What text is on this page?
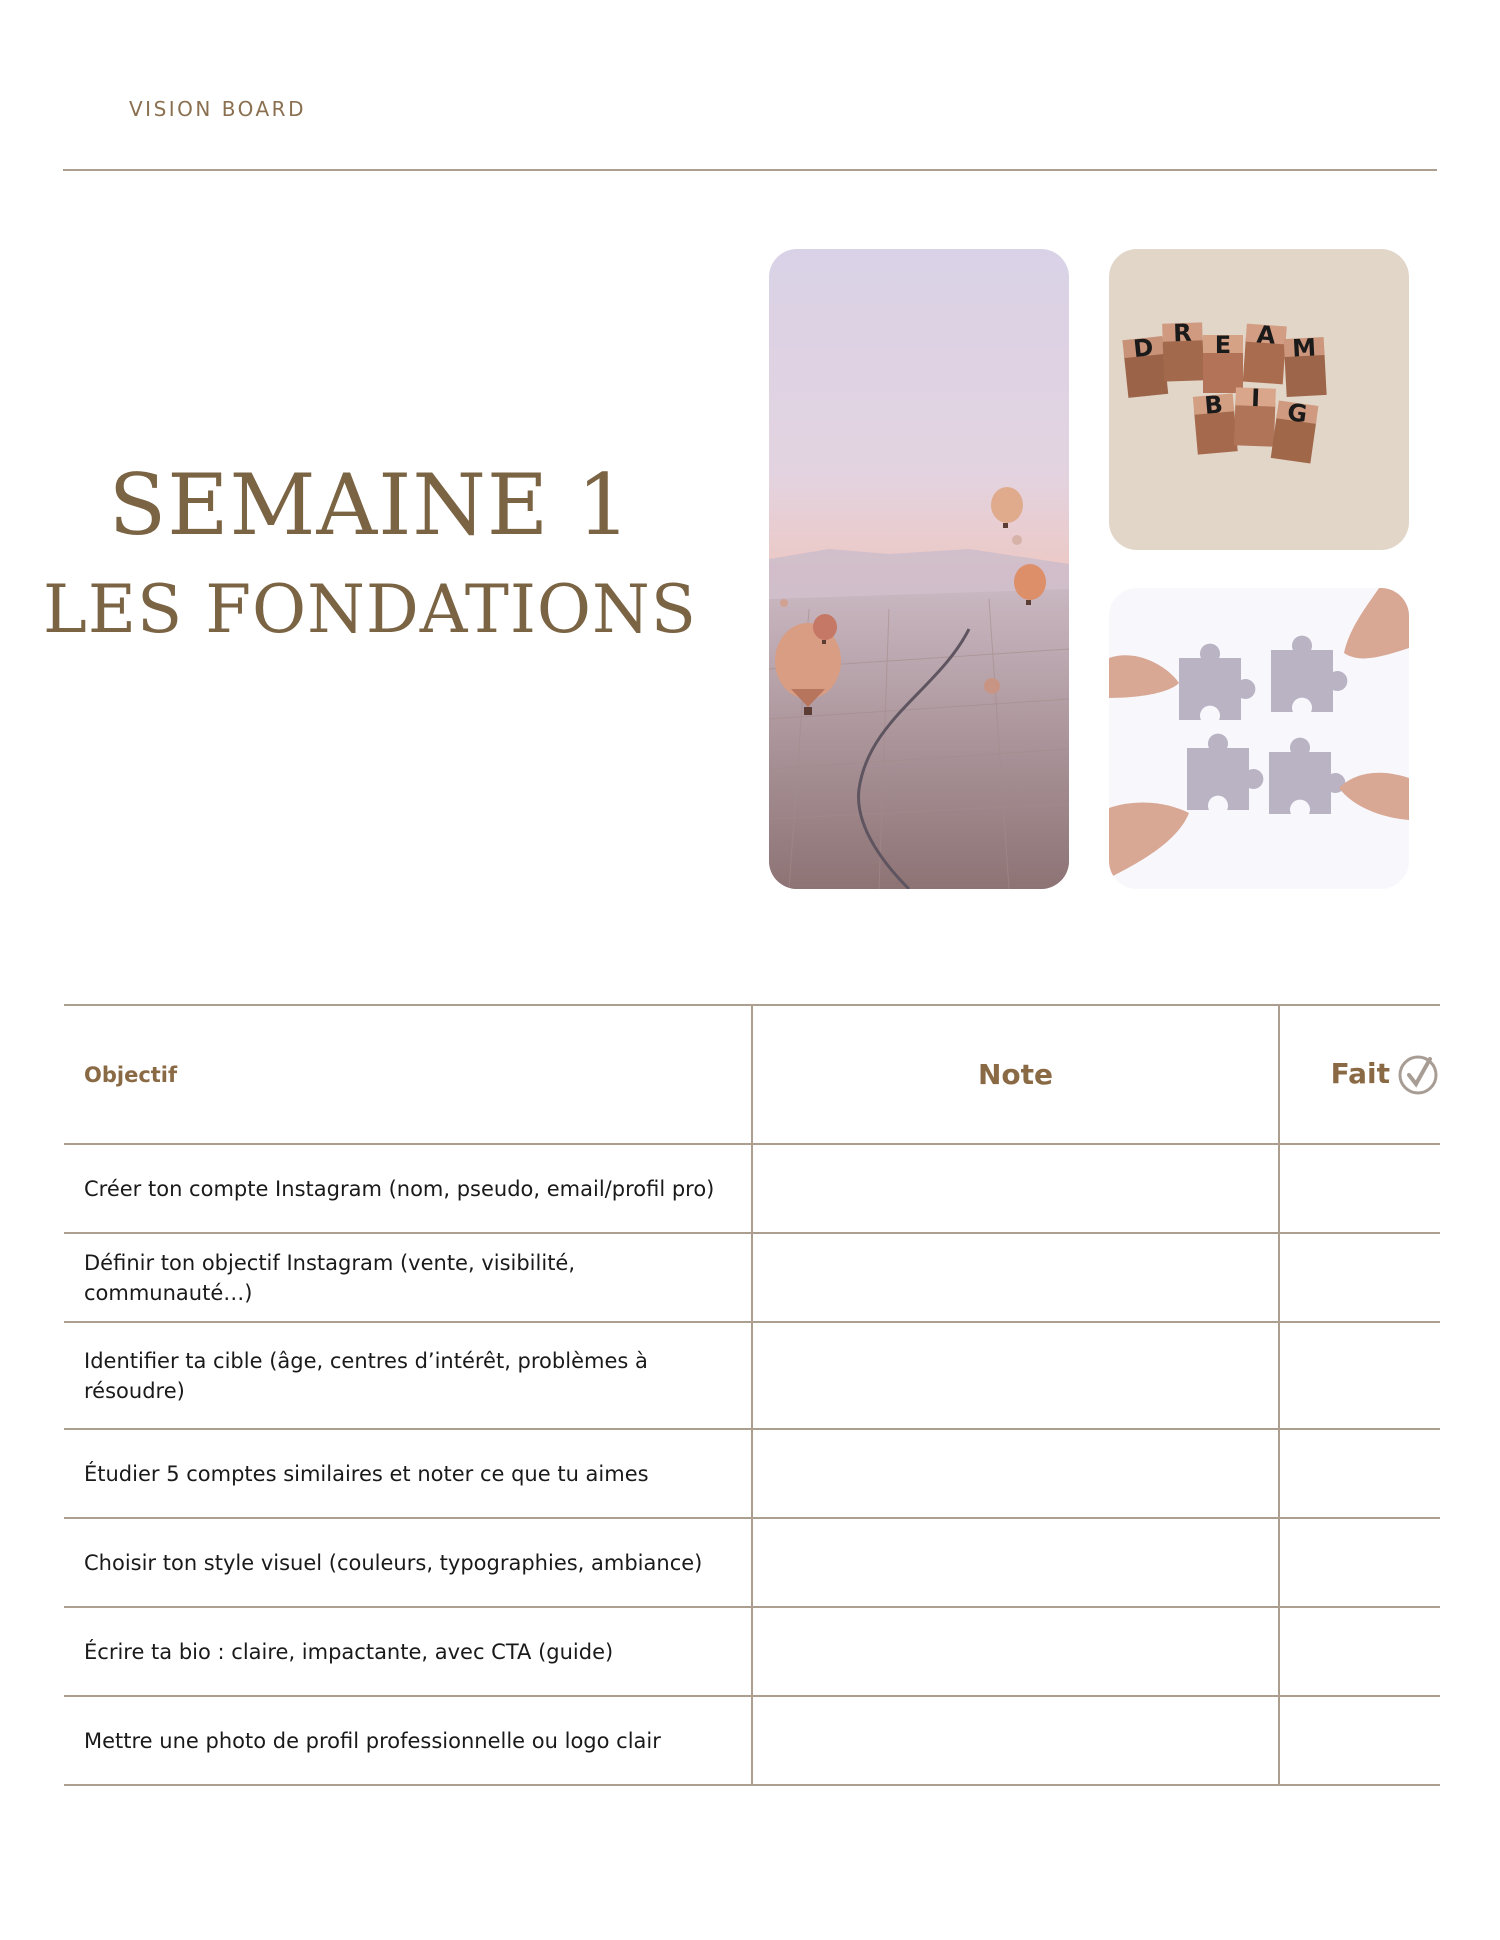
VISION BOARD
SEMAINE 1
LES FONDATIONS
D
R E A M
B I G
Objectif	Note	Fait
Créer ton compte Instagram (nom, pseudo, email/profil pro)		
Définir ton objectif Instagram (vente, visibilité, communauté…)		
Identifier ta cible (âge, centres d’intérêt, problèmes à résoudre)		
Étudier 5 comptes similaires et noter ce que tu aimes		
Choisir ton style visuel (couleurs, typographies, ambiance)		
Écrire ta bio : claire, impactante, avec CTA (guide)		
Mettre une photo de profil professionnelle ou logo clair		
